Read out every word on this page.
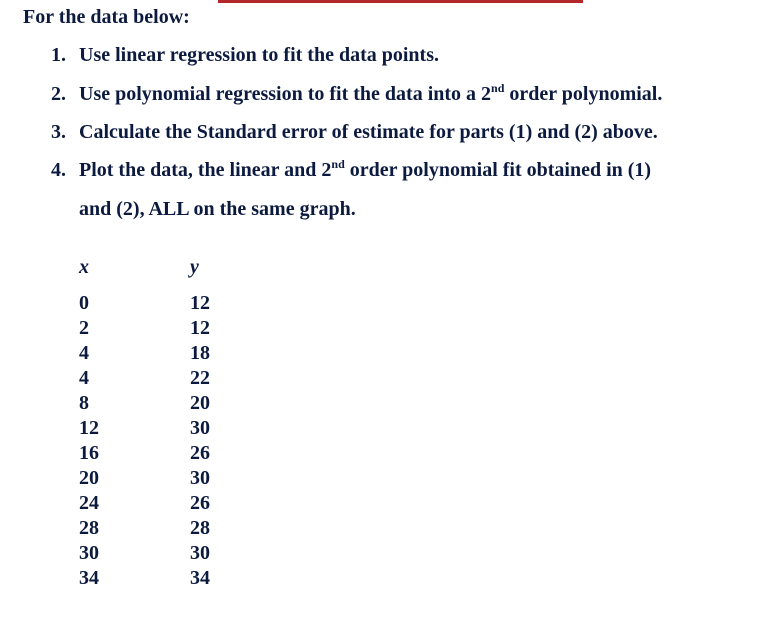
For the data below:
1. Use linear regression to fit the data points.
2. Use polynomial regression to fit the data into a 2nd order polynomial.
3. Calculate the Standard error of estimate for parts (1) and (2) above.
4. Plot the data, the linear and 2nd order polynomial fit obtained in (1)
and (2), ALL on the same graph.
x	y
0	12
2	12
4	18
4	22
8	20
12	30
16	26
20	30
24	26
28	28
30	30
34	34
